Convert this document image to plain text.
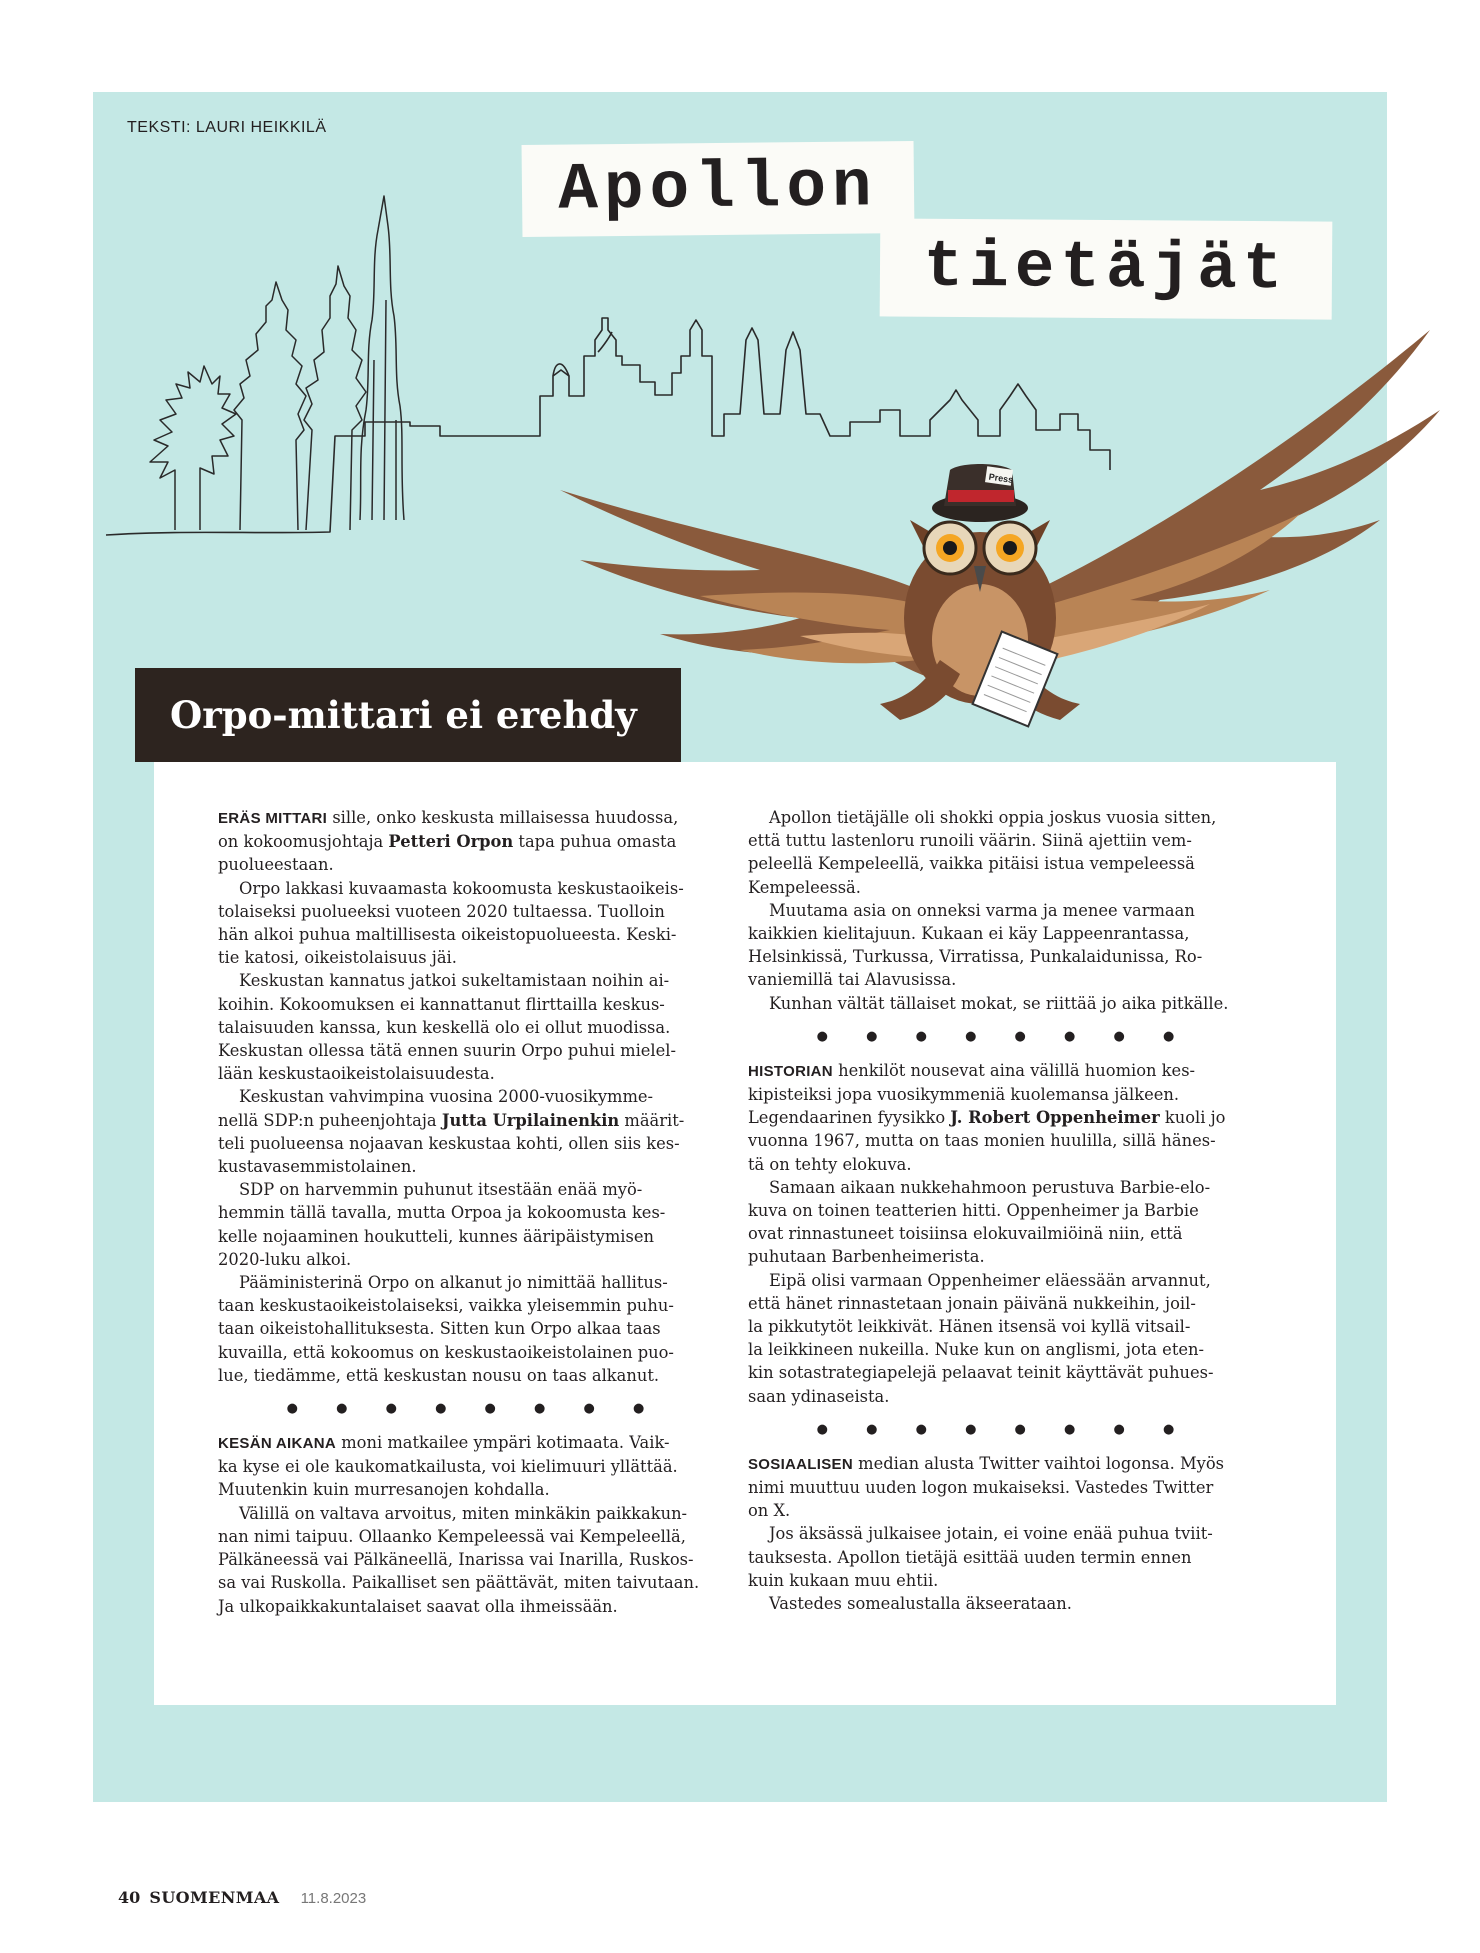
TEKSTI: LAURI HEIKKILÄ
Press
Apollon
tietäjät
Orpo-mittari ei erehdy

ERÄS MITTARI sille, onko keskusta millaisessa huudossa,
on kokoomusjohtaja Petteri Orpon tapa puhua omasta
puolueestaan.

Orpo lakkasi kuvaamasta kokoomusta keskustaoikeis-
tolaiseksi puolueeksi vuoteen 2020 tultaessa. Tuolloin
hän alkoi puhua maltillisesta oikeistopuolueesta. Keski-
tie katosi, oikeistolaisuus jäi.

Keskustan kannatus jatkoi sukeltamistaan noihin ai-
koihin. Kokoomuksen ei kannattanut flirttailla keskus-
talaisuuden kanssa, kun keskellä olo ei ollut muodissa.
Keskustan ollessa tätä ennen suurin Orpo puhui mielel-
lään keskustaoikeistolaisuudesta.

Keskustan vahvimpina vuosina 2000-vuosikymme-
nellä SDP:n puheenjohtaja Jutta Urpilainenkin määrit-
teli puolueensa nojaavan keskustaa kohti, ollen siis kes-
kustavasemmistolainen.

SDP on harvemmin puhunut itsestään enää myö-
hemmin tällä tavalla, mutta Orpoa ja kokoomusta kes-
kelle nojaaminen houkutteli, kunnes ääripäistymisen
2020-luku alkoi.

Pääministerinä Orpo on alkanut jo nimittää hallitus-
taan keskustaoikeistolaiseksi, vaikka yleisemmin puhu-
taan oikeistohallituksesta. Sitten kun Orpo alkaa taas
kuvailla, että kokoomus on keskustaoikeistolainen puo-
lue, tiedämme, että keskustan nousu on taas alkanut.

● ● ● ● ● ● ● ●

KESÄN AIKANA moni matkailee ympäri kotimaata. Vaik-
ka kyse ei ole kaukomatkailusta, voi kielimuuri yllättää.
Muutenkin kuin murresanojen kohdalla.

Välillä on valtava arvoitus, miten minkäkin paikkakun-
nan nimi taipuu. Ollaanko Kempeleessä vai Kempeleellä,
Pälkäneessä vai Pälkäneellä, Inarissa vai Inarilla, Ruskos-
sa vai Ruskolla. Paikalliset sen päättävät, miten taivutaan.
Ja ulkopaikkakuntalaiset saavat olla ihmeissään.

Apollon tietäjälle oli shokki oppia joskus vuosia sitten,
että tuttu lastenloru runoili väärin. Siinä ajettiin vem-
peleellä Kempeleellä, vaikka pitäisi istua vempeleessä
Kempeleessä.

Muutama asia on onneksi varma ja menee varmaan
kaikkien kielitajuun. Kukaan ei käy Lappeenrantassa,
Helsinkissä, Turkussa, Virratissa, Punkalaidunissa, Ro-
vaniemillä tai Alavusissa.

Kunhan vältät tällaiset mokat, se riittää jo aika pitkälle.

● ● ● ● ● ● ● ●

HISTORIAN henkilöt nousevat aina välillä huomion kes-
kipisteiksi jopa vuosikymmeniä kuolemansa jälkeen.
Legendaarinen fyysikko J. Robert Oppenheimer kuoli jo
vuonna 1967, mutta on taas monien huulilla, sillä hänes-
tä on tehty elokuva.

Samaan aikaan nukkehahmoon perustuva Barbie-elo-
kuva on toinen teatterien hitti. Oppenheimer ja Barbie
ovat rinnastuneet toisiinsa elokuvailmiöinä niin, että
puhutaan Barbenheimerista.

Eipä olisi varmaan Oppenheimer eläessään arvannut,
että hänet rinnastetaan jonain päivänä nukkeihin, joil-
la pikkutytöt leikkivät. Hänen itsensä voi kyllä vitsail-
la leikkineen nukeilla. Nuke kun on anglismi, jota eten-
kin sotastrategiapelejä pelaavat teinit käyttävät puhues-
saan ydinaseista.

● ● ● ● ● ● ● ●

SOSIAALISEN median alusta Twitter vaihtoi logonsa. Myös
nimi muuttuu uuden logon mukaiseksi. Vastedes Twitter
on X.

Jos äksässä julkaisee jotain, ei voine enää puhua tviit-
tauksesta. Apollon tietäjä esittää uuden termin ennen
kuin kukaan muu ehtii.

Vastedes somealustalla äkseerataan.

40 SUOMENMAA 11.8.2023
